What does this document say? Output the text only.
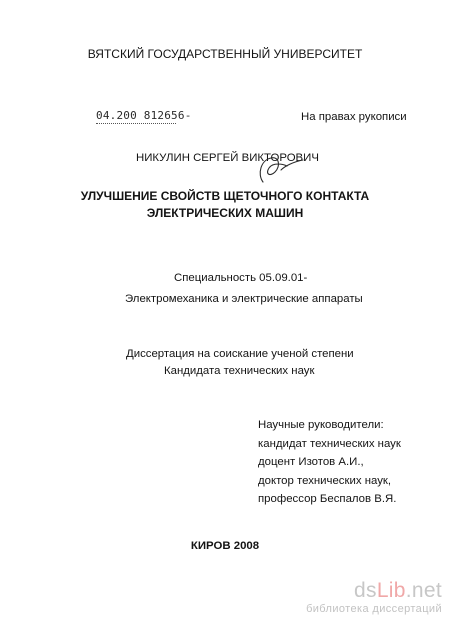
ВЯТСКИЙ ГОСУДАРСТВЕННЫЙ УНИВЕРСИТЕТ
04.200 812656-	На правах рукописи
НИКУЛИН СЕРГЕЙ ВИКТОРОВИЧ
УЛУЧШЕНИЕ СВОЙСТВ ЩЕТОЧНОГО КОНТАКТА
ЭЛЕКТРИЧЕСКИХ МАШИН
Специальность 05.09.01-
Электромеханика и электрические аппараты
Диссертация на соискание ученой степени
Кандидата технических наук
Научные руководители:
кандидат технических наук
доцент Изотов А.И.,
доктор технических наук,
профессор Беспалов В.Я.
КИРОВ 2008
dsLib.net
библиотека диссертаций
